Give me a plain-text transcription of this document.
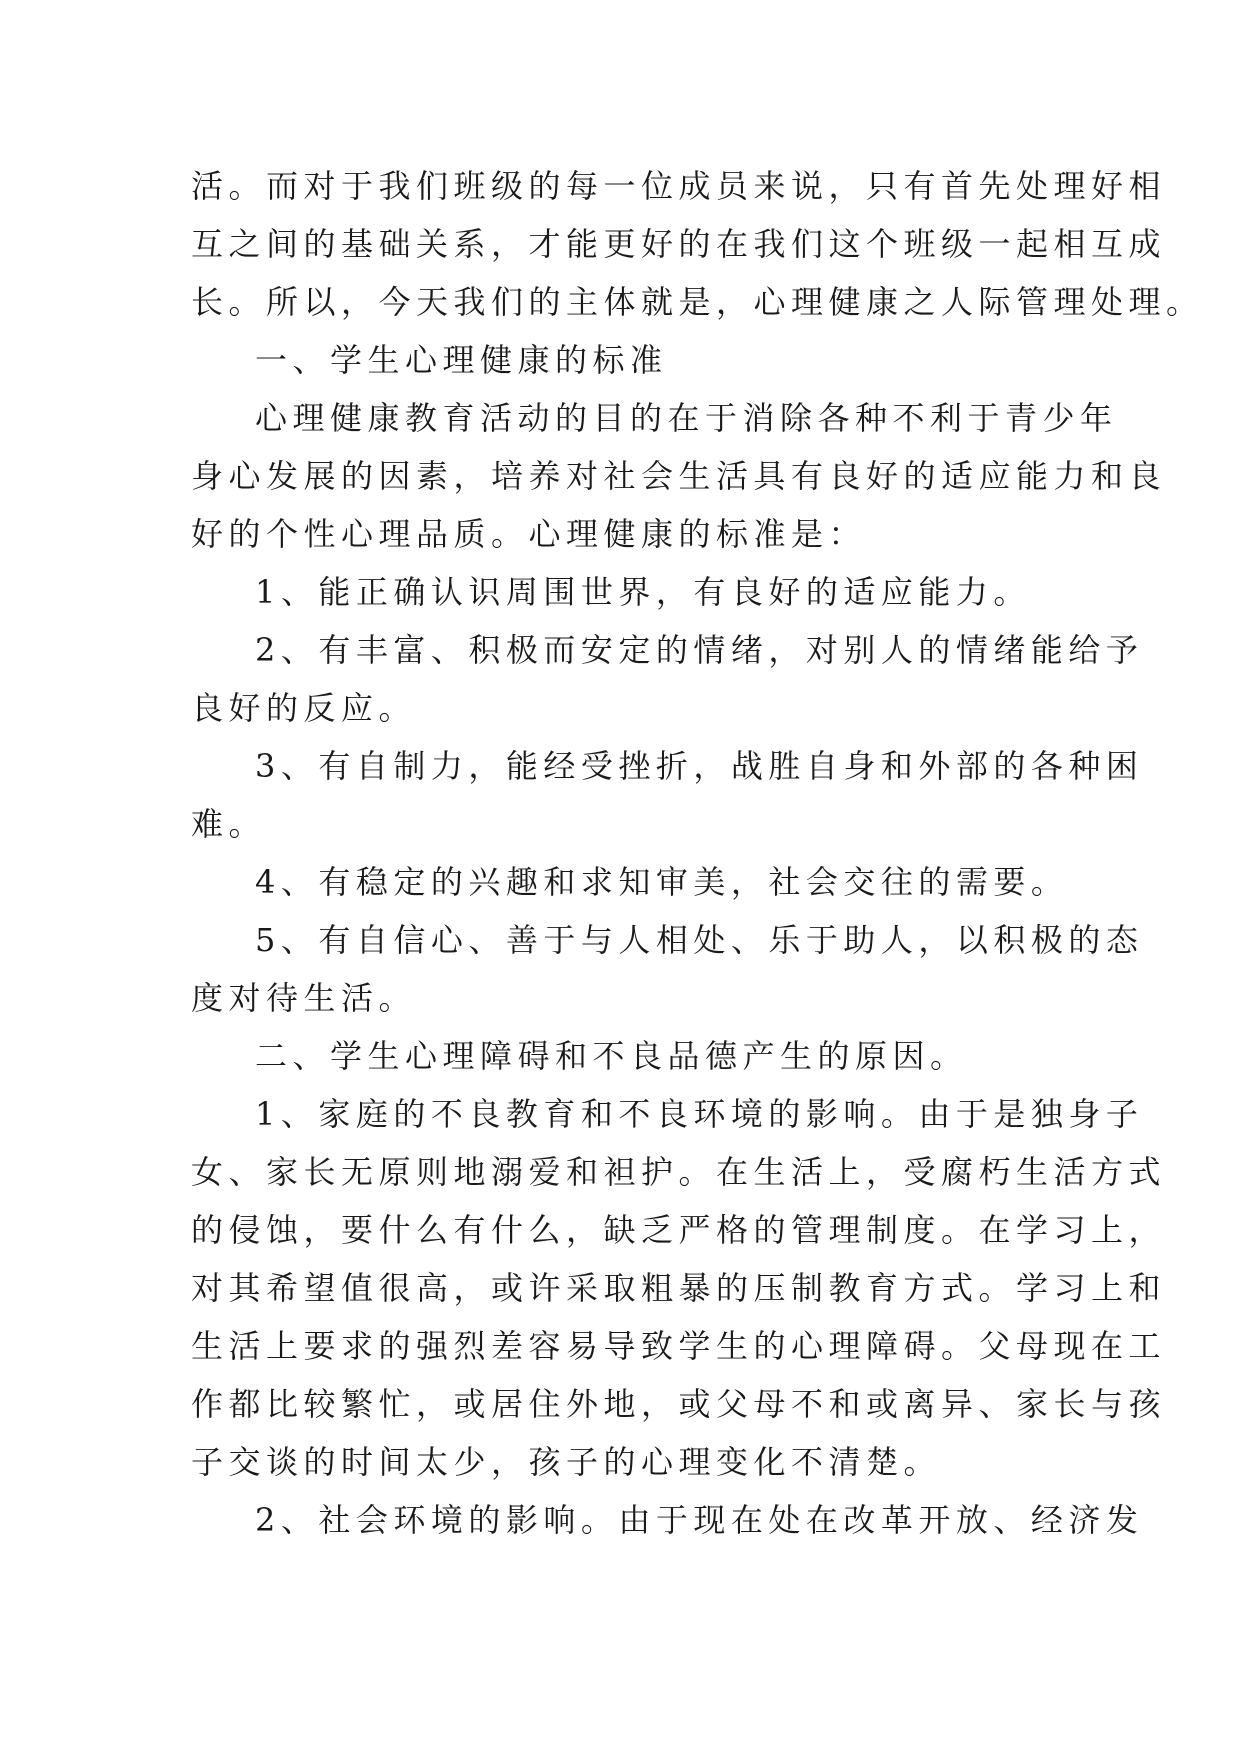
活。而对于我们班级的每一位成员来说，只有首先处理好相
互之间的基础关系，才能更好的在我们这个班级一起相互成
长。所以，今天我们的主体就是，心理健康之人际管理处理。
一、学生心理健康的标准
心理健康教育活动的目的在于消除各种不利于青少年
身心发展的因素，培养对社会生活具有良好的适应能力和良
好的个性心理品质。心理健康的标准是：
1、能正确认识周围世界，有良好的适应能力。
2、有丰富、积极而安定的情绪，对别人的情绪能给予
良好的反应。
3、有自制力，能经受挫折，战胜自身和外部的各种困
难。
4、有稳定的兴趣和求知审美，社会交往的需要。
5、有自信心、善于与人相处、乐于助人，以积极的态
度对待生活。
二、学生心理障碍和不良品德产生的原因。
1、家庭的不良教育和不良环境的影响。由于是独身子
女、家长无原则地溺爱和袒护。在生活上，受腐朽生活方式
的侵蚀，要什么有什么，缺乏严格的管理制度。在学习上，
对其希望值很高，或许采取粗暴的压制教育方式。学习上和
生活上要求的强烈差容易导致学生的心理障碍。父母现在工
作都比较繁忙，或居住外地，或父母不和或离异、家长与孩
子交谈的时间太少，孩子的心理变化不清楚。
2、社会环境的影响。由于现在处在改革开放、经济发
